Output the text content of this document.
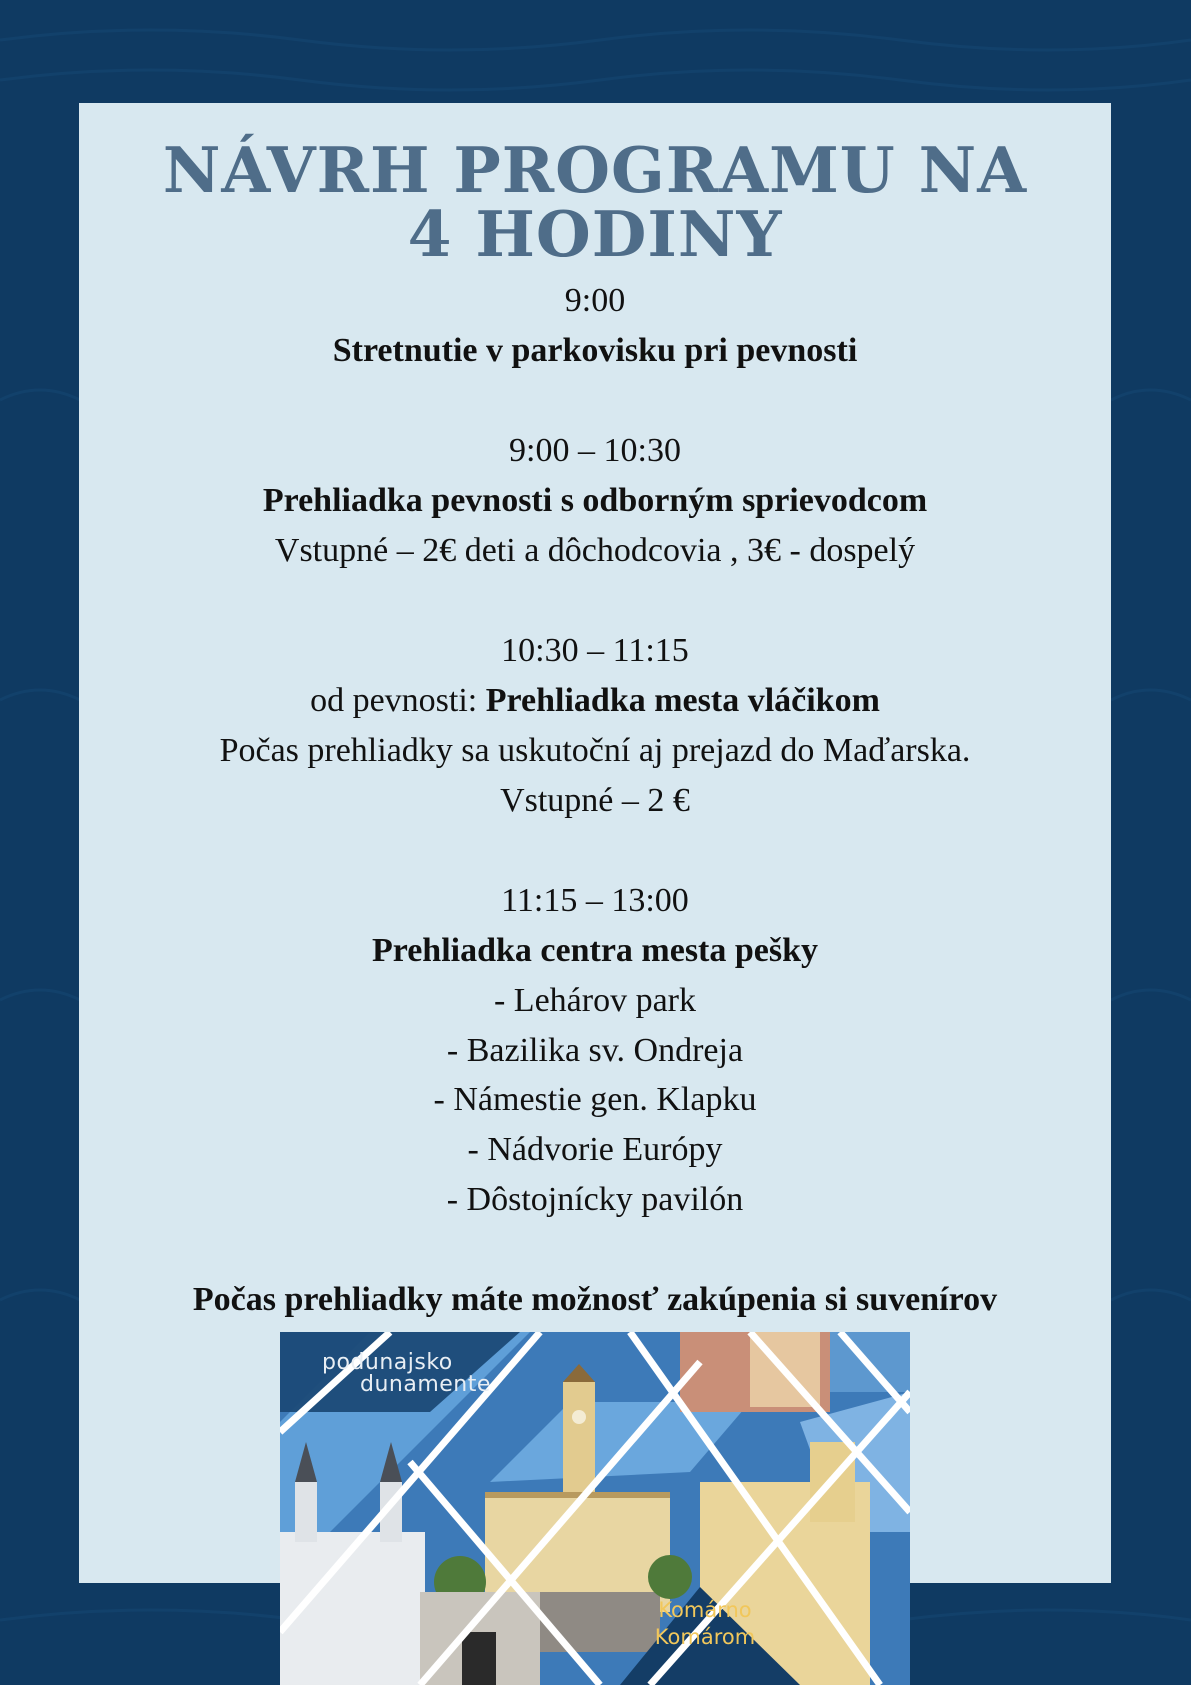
NÁVRH PROGRAMU NA
4 HODINY
9:00
Stretnutie v parkovisku pri pevnosti
9:00 – 10:30
Prehliadka pevnosti s odborným sprievodcom
Vstupné – 2€ deti a dôchodcovia , 3€ - dospelý
10:30 – 11:15
od pevnosti: Prehliadka mesta vláčikom
Počas prehliadky sa uskutoční aj prejazd do Maďarska.
Vstupné – 2 €
11:15 – 13:00
Prehliadka centra mesta pešky
- Lehárov park
- Bazilika sv. Ondreja
- Námestie gen. Klapku
- Nádvorie Európy
- Dôstojnícky pavilón
Počas prehliadky máte možnosť zakúpenia si suvenírov
podunajsko
dunamente
Komárno
Komárom
